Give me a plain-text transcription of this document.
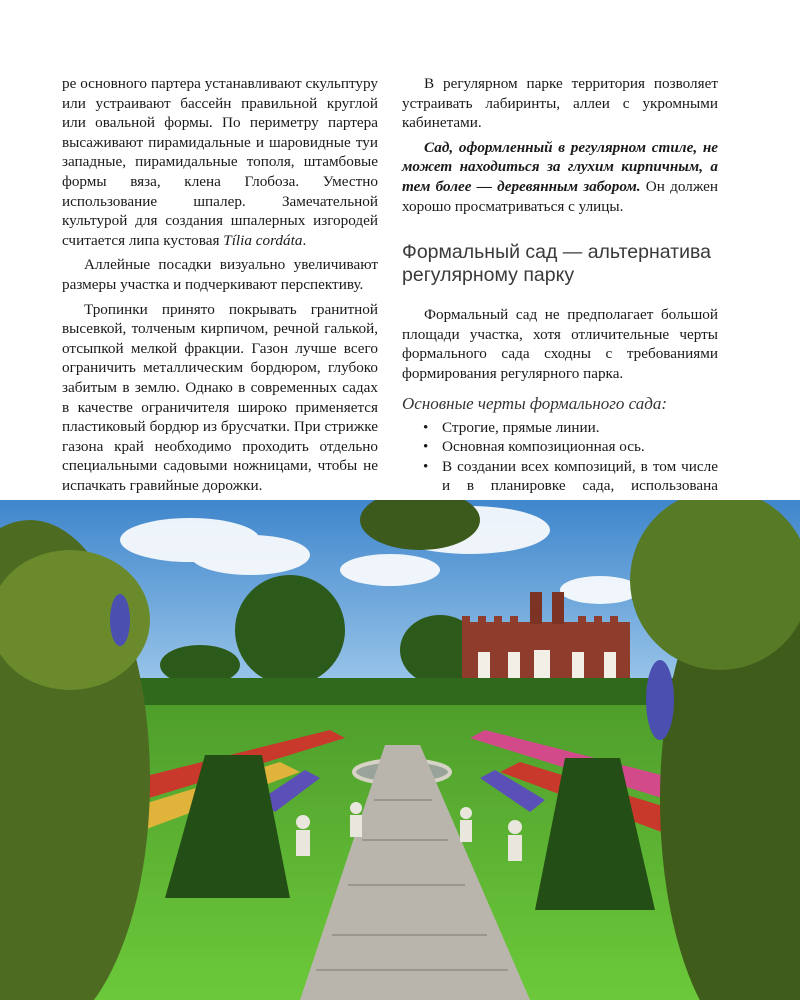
ре основного партера устанавливают скульптуру или устраивают бассейн правильной круглой или овальной формы. По периметру партера высаживают пирамидальные и шаровидные туи западные, пирамидальные тополя, штамбовые формы вяза, клена Глобоза. Уместно использование шпалер. Замечательной культурой для создания шпалерных изгородей считается липа кустовая Tília cordáta.

Аллейные посадки визуально увеличивают размеры участка и подчеркивают перспективу.

Тропинки принято покрывать гранитной высевкой, толченым кирпичом, речной галькой, отсыпкой мелкой фракции. Газон лучше всего ограничить металлическим бордюром, глубоко забитым в землю. Однако в современных садах в качестве ограничителя широко применяется пластиковый бордюр из брусчатки. При стрижке газона край необходимо проходить отдельно специальными садовыми ножницами, чтобы не испачкать гравийные дорожки.

В регулярном парке территория позволяет устраивать лабиринты, аллеи с укромными кабинетами.

Сад, оформленный в регулярном стиле, не может находиться за глухим кирпичным, а тем более — деревянным забором. Он должен хорошо просматриваться с улицы.

Формальный сад — альтернатива регулярному парку

Формальный сад не предполагает большой площади участка, хотя отличительные черты формального сада сходны с требованиями формирования регулярного парка.

Основные черты формального сада:
• Строгие, прямые линии.
• Основная композиционная ось.
• В создании всех композиций, в том числе и в планировке сада, использована
